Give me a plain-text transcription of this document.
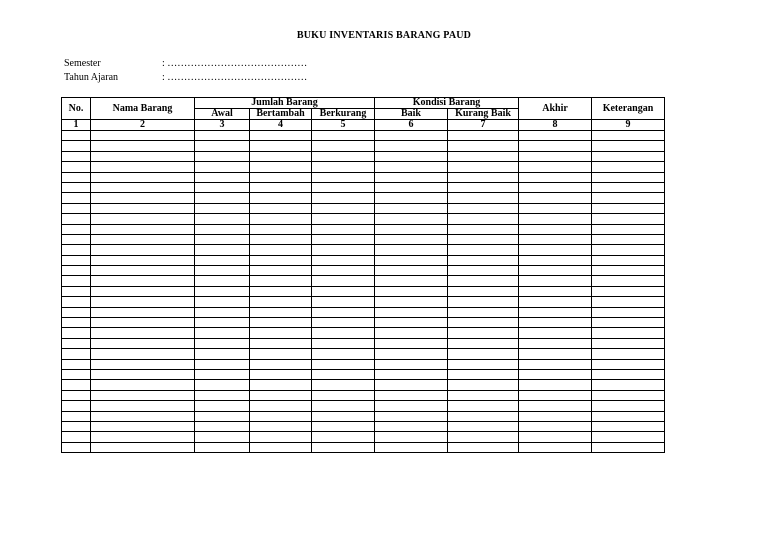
BUKU INVENTARIS BARANG PAUD
Semester	: ……………………………………
Tahun Ajaran	: ……………………………………
No.	Nama Barang	Jumlah Barang			Kondisi Barang		Akhir	Keterangan
		Awal	Bertambah	Berkurang	Baik	Kurang Baik		
1	2	3	4	5	6	7	8	9
